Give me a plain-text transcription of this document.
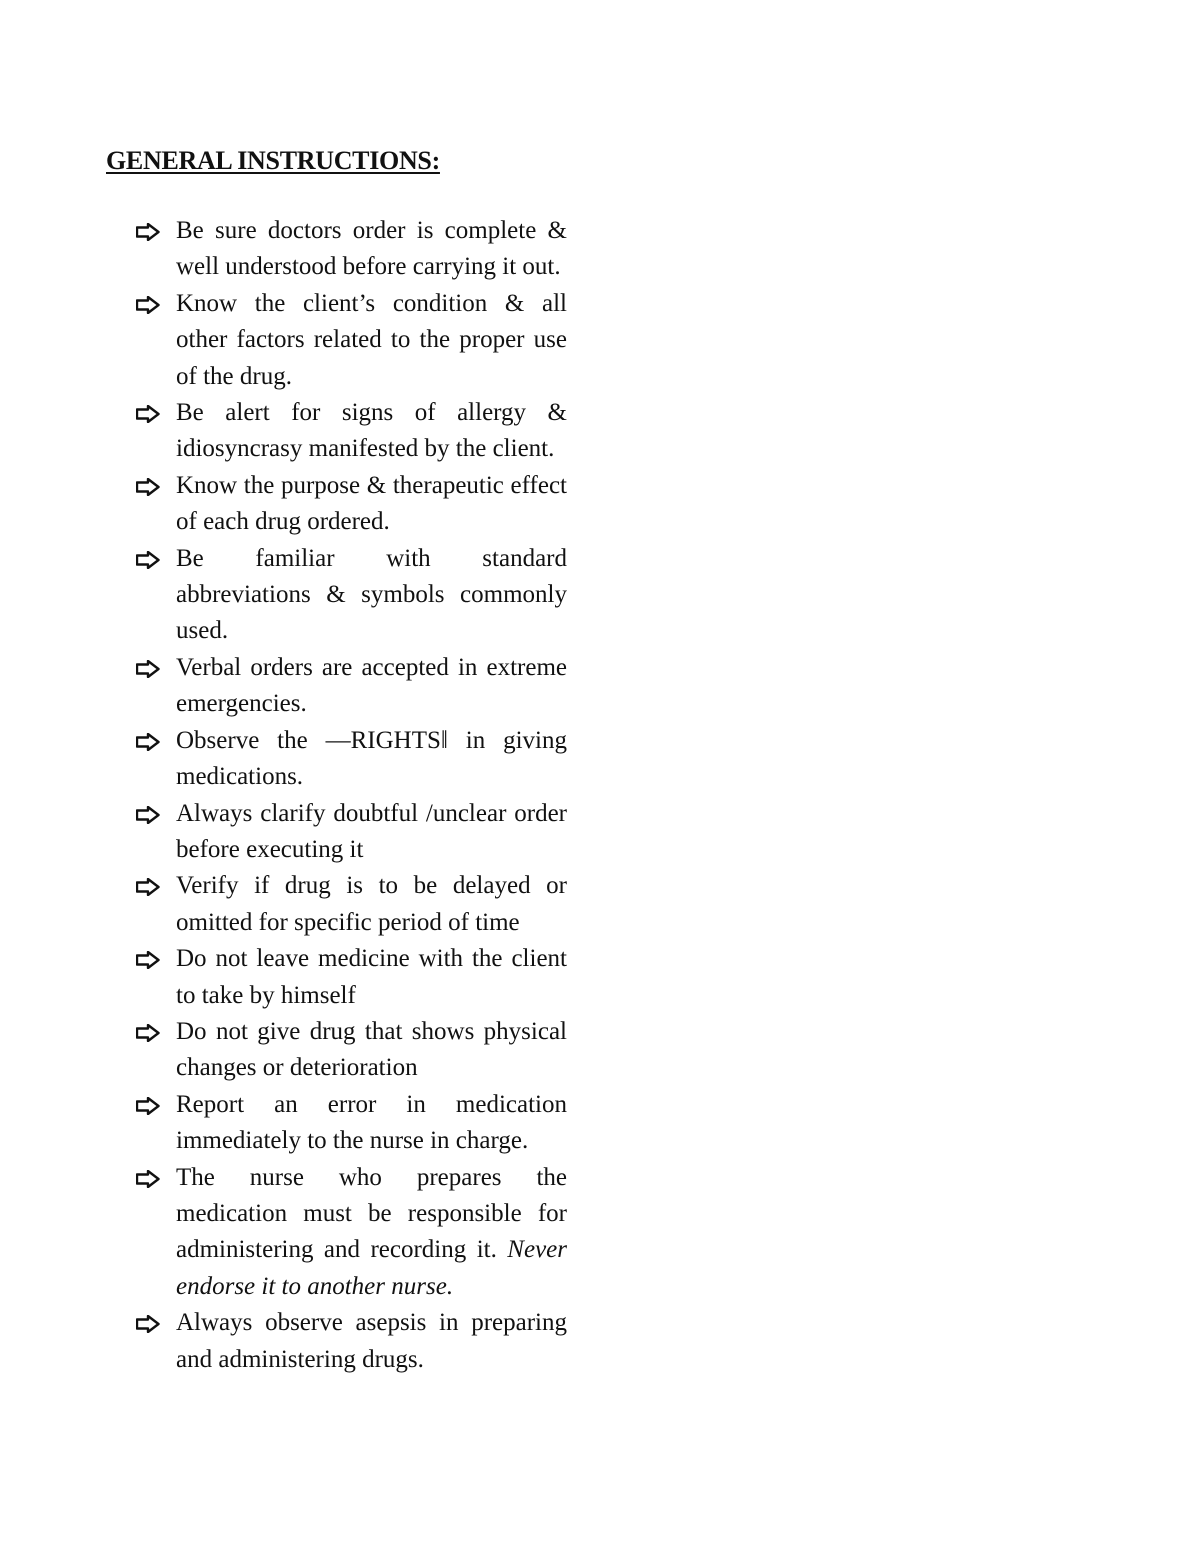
GENERAL INSTRUCTIONS:
Be sure doctors order is complete & well understood before carrying it out.
Know the client’s condition & all other factors related to the proper use of the drug.
Be alert for signs of allergy & idiosyncrasy manifested by the client.
Know the purpose & therapeutic effect of each drug ordered.
Be familiar with standard abbreviations & symbols commonly used.
Verbal orders are accepted in extreme emergencies.
Observe the ―RIGHTS‖ in giving medications.
Always clarify doubtful /unclear order before executing it
Verify if drug is to be delayed or omitted for specific period of time
Do not leave medicine with the client to take by himself
Do not give drug that shows physical changes or deterioration
Report an error in medication immediately to the nurse in charge.
The nurse who prepares the medication must be responsible for administering and recording it. Never endorse it to another nurse.
Always observe asepsis in preparing and administering drugs.
